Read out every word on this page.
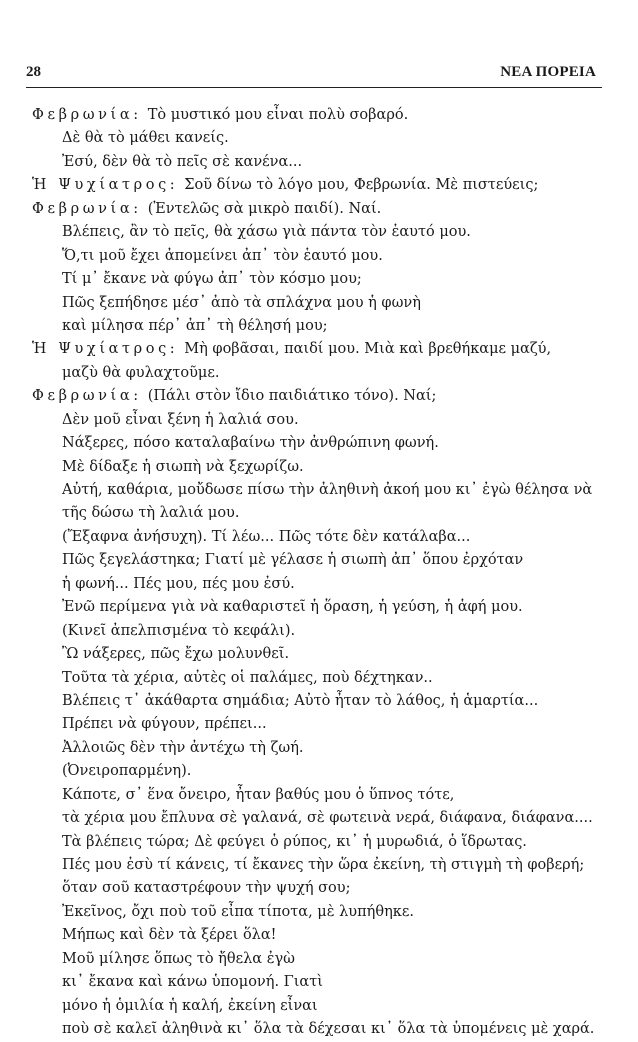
28	ΝΕΑ ΠΟΡΕΙΑ
Φεβρωνία: Τὸ μυστικό μου εἶναι πολὺ σοβαρό.
Δὲ θὰ τὸ μάθει κανείς.
Ἐσύ, δὲν θὰ τὸ πεῖς σὲ κανένα...
Ἡ Ψυχίατρος: Σοῦ δίνω τὸ λόγο μου, Φεβρωνία. Μὲ πιστεύεις;
Φεβρωνία: (Ἐντελῶς σὰ μικρὸ παιδί). Ναί.
Βλέπεις, ἂν τὸ πεῖς, θὰ χάσω γιὰ πάντα τὸν ἑαυτό μου.
Ὅ,τι μοῦ ἔχει ἀπομείνει ἀπ᾿ τὸν ἑαυτό μου.
Τί μ᾿ ἔκανε νὰ φύγω ἀπ᾿ τὸν κόσμο μου;
Πῶς ξεπήδησε μέσ᾿ ἀπὸ τὰ σπλάχνα μου ἡ φωνὴ
καὶ μίλησα πέρ᾿ ἀπ᾿ τὴ θέλησή μου;
Ἡ Ψυχίατρος: Μὴ φοβᾶσαι, παιδί μου. Μιὰ καὶ βρεθήκαμε μαζύ,
μαζὺ θὰ φυλαχτοῦμε.
Φεβρωνία: (Πάλι στὸν ἴδιο παιδιάτικο τόνο). Ναί;
Δὲν μοῦ εἶναι ξένη ἡ λαλιά σου.
Νάξερες, πόσο καταλαβαίνω τὴν ἀνθρώπινη φωνή.
Μὲ δίδαξε ἡ σιωπὴ νὰ ξεχωρίζω.
Αὐτή, καθάρια, μοὔδωσε πίσω τὴν ἀληθινὴ ἀκοή μου κι᾿ ἐγὼ θέλησα νὰ
τῆς δώσω τὴ λαλιά μου.
(Ἔξαφνα ἀνήσυχη). Τί λέω... Πῶς τότε δὲν κατάλαβα...
Πῶς ξεγελάστηκα; Γιατί μὲ γέλασε ἡ σιωπὴ ἀπ᾿ ὅπου ἐρχόταν
ἡ φωνή... Πές μου, πές μου ἐσύ.
Ἐνῶ περίμενα γιὰ νὰ καθαριστεῖ ἡ ὅραση, ἡ γεύση, ἡ ἁφή μου.
(Κινεῖ ἀπελπισμένα τὸ κεφάλι).
Ὢ νάξερες, πῶς ἔχω μολυνθεῖ.
Τοῦτα τὰ χέρια, αὐτὲς οἱ παλάμες, ποὺ δέχτηκαν..
Βλέπεις τ᾿ ἀκάθαρτα σημάδια; Αὐτὸ ἦταν τὸ λάθος, ἡ ἁμαρτία...
Πρέπει νὰ φύγουν, πρέπει...
Ἀλλοιῶς δὲν τὴν ἀντέχω τὴ ζωή.
(Ὀνειροπαρμένη).
Κάποτε, σ᾿ ἕνα ὄνειρο, ἦταν βαθύς μου ὁ ὕπνος τότε,
τὰ χέρια μου ἔπλυνα σὲ γαλανά, σὲ φωτεινὰ νερά, διάφανα, διάφανα....
Τὰ βλέπεις τώρα; Δὲ φεύγει ὁ ρύπος, κι᾿ ἡ μυρωδιά, ὁ ἵδρωτας.
Πές μου ἐσὺ τί κάνεις, τί ἔκανες τὴν ὥρα ἐκείνη, τὴ στιγμὴ τὴ φοβερή;
ὅταν σοῦ καταστρέφουν τὴν ψυχή σου;
Ἐκεῖνος, ὄχι ποὺ τοῦ εἶπα τίποτα, μὲ λυπήθηκε.
Μήπως καὶ δὲν τὰ ξέρει ὅλα!
Μοῦ μίλησε ὅπως τὸ ἤθελα ἐγὼ
κι᾿ ἔκανα καὶ κάνω ὑπομονή. Γιατὶ
μόνο ἡ ὁμιλία ἡ καλή, ἐκείνη εἶναι
ποὺ σὲ καλεῖ ἀληθινὰ κι᾿ ὅλα τὰ δέχεσαι κι᾿ ὅλα τὰ ὑπομένεις μὲ χαρά.
